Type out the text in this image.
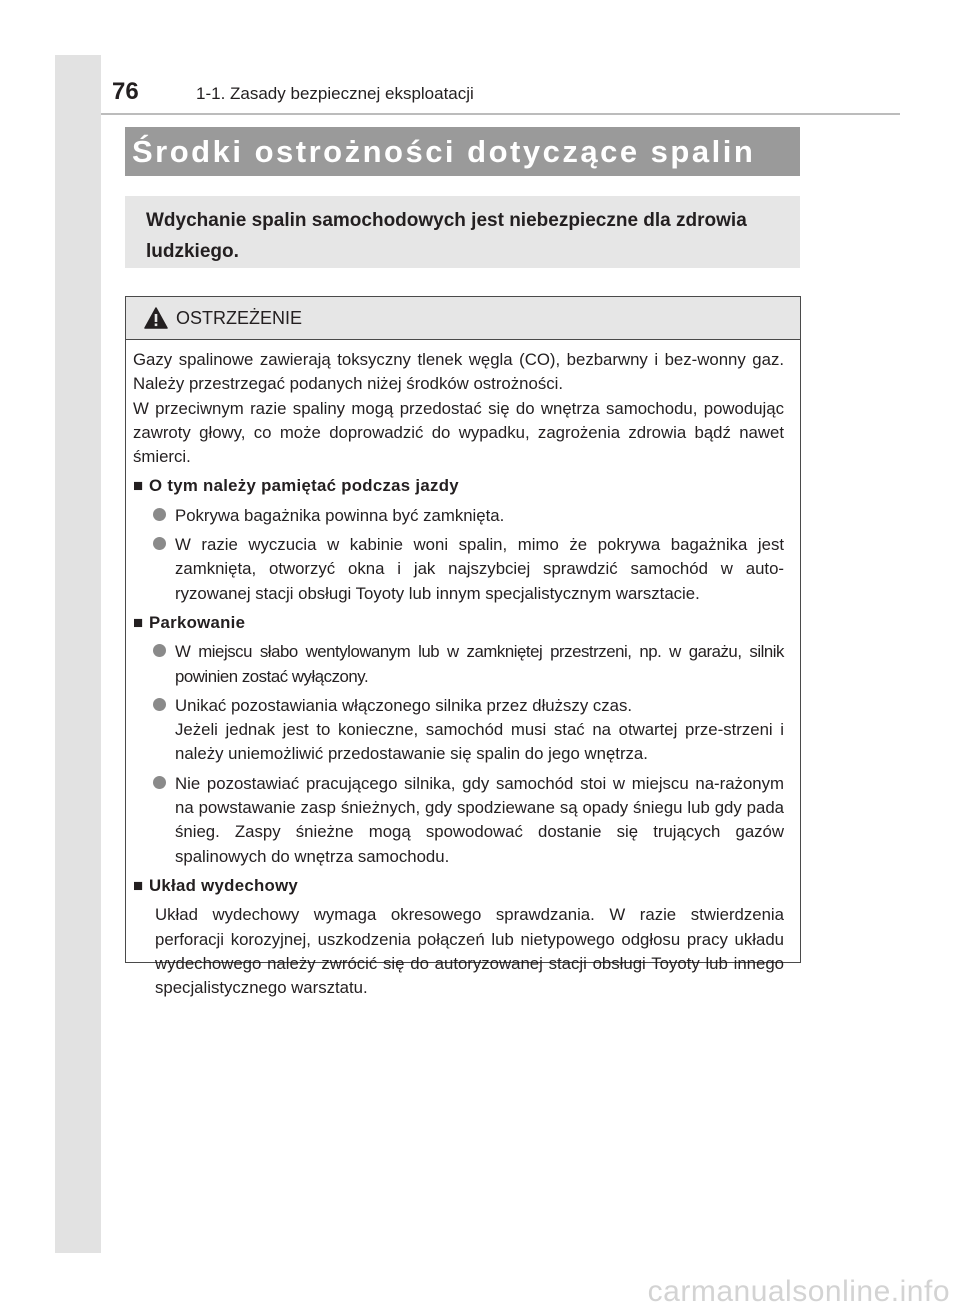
76	1-1. Zasady bezpiecznej eksploatacji
Środki ostrożności dotyczące spalin
Wdychanie spalin samochodowych jest niebezpieczne dla zdrowia ludzkiego.
OSTRZEŻENIE

Gazy spalinowe zawierają toksyczny tlenek węgla (CO), bezbarwny i bez-wonny gaz. Należy przestrzegać podanych niżej środków ostrożności.

W przeciwnym razie spaliny mogą przedostać się do wnętrza samochodu, powodując zawroty głowy, co może doprowadzić do wypadku, zagrożenia zdrowia bądź nawet śmierci.

■ O tym należy pamiętać podczas jazdy
Pokrywa bagażnika powinna być zamknięta.
W razie wyczucia w kabinie woni spalin, mimo że pokrywa bagażnika jest zamknięta, otworzyć okna i jak najszybciej sprawdzić samochód w auto-ryzowanej stacji obsługi Toyoty lub innym specjalistycznym warsztacie.
■ Parkowanie
W miejscu słabo wentylowanym lub w zamkniętej przestrzeni, np. w garażu, silnik powinien zostać wyłączony.
Unikać pozostawiania włączonego silnika przez dłuższy czas.
Jeżeli jednak jest to konieczne, samochód musi stać na otwartej prze-strzeni i należy uniemożliwić przedostawanie się spalin do jego wnętrza.
Nie pozostawiać pracującego silnika, gdy samochód stoi w miejscu na-rażonym na powstawanie zasp śnieżnych, gdy spodziewane są opady śniegu lub gdy pada śnieg. Zaspy śnieżne mogą spowodować dostanie się trujących gazów spalinowych do wnętrza samochodu.
■ Układ wydechowy

Układ wydechowy wymaga okresowego sprawdzania. W razie stwierdzenia perforacji korozyjnej, uszkodzenia połączeń lub nietypowego odgłosu pracy układu wydechowego należy zwrócić się do autoryzowanej stacji obsługi Toyoty lub innego specjalistycznego warsztatu.

carmanualsonline.info
